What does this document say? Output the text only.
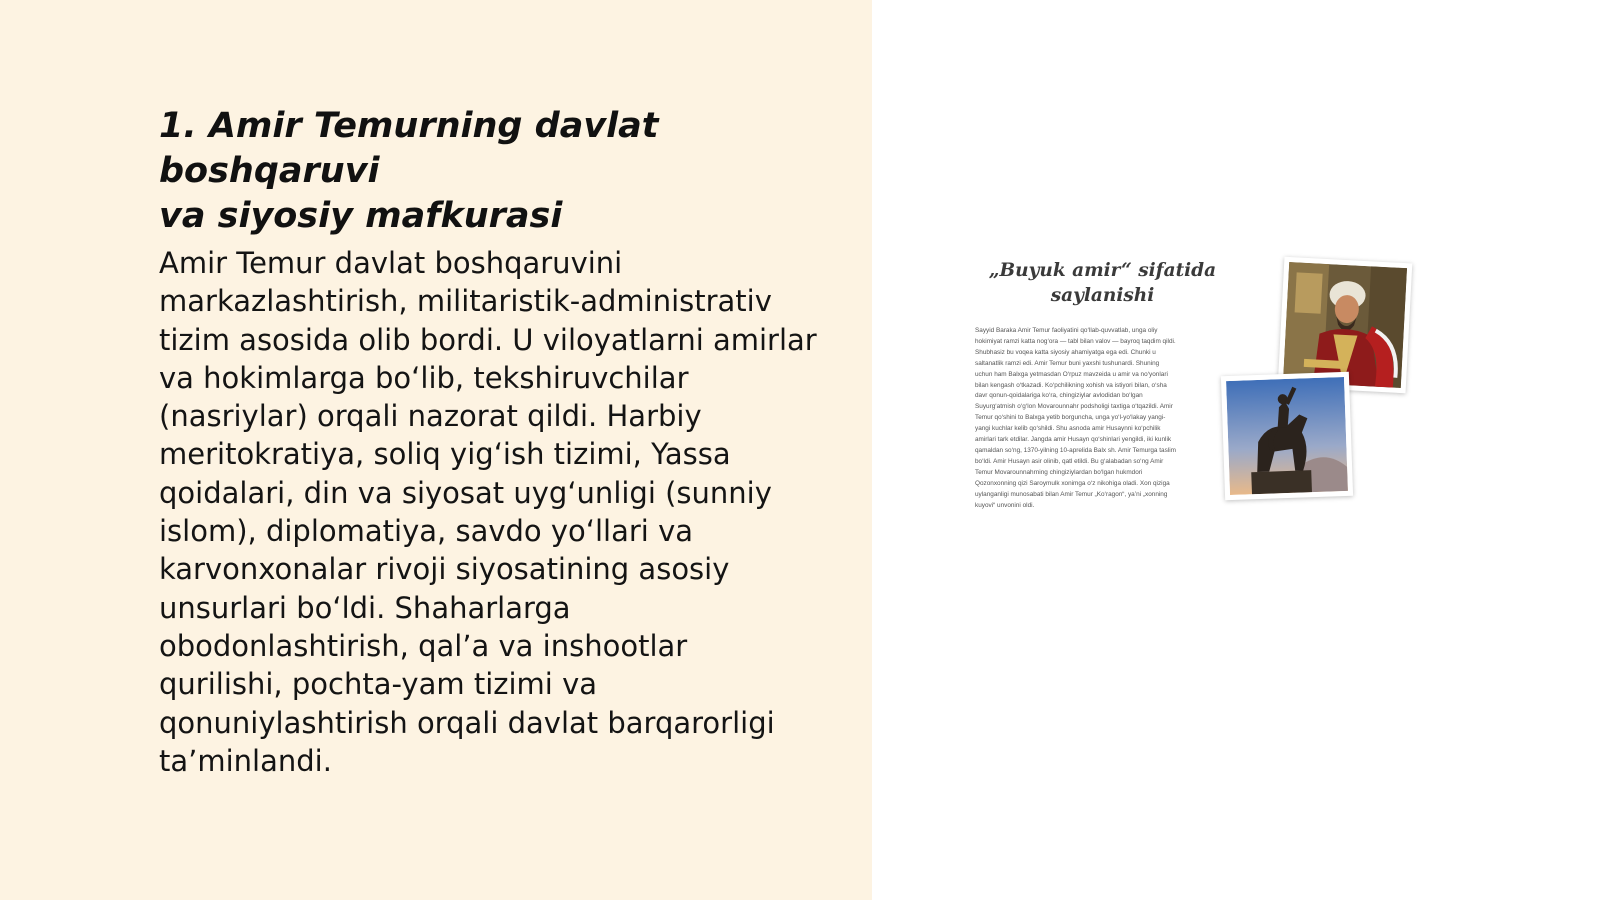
1. Amir Temurning davlat boshqaruvi
va siyosiy mafkurasi

Amir Temur davlat boshqaruvini
markazlashtirish, militaristik-administrativ
tizim asosida olib bordi. U viloyatlarni amirlar
va hokimlarga bo‘lib, tekshiruvchilar
(nasriylar) orqali nazorat qildi. Harbiy
meritokratiya, soliq yig‘ish tizimi, Yassa
qoidalari, din va siyosat uyg‘unligi (sunniy
islom), diplomatiya, savdo yo‘llari va
karvonxonalar rivoji siyosatining asosiy
unsurlari bo‘ldi. Shaharlarga
obodonlashtirish, qal’a va inshootlar
qurilishi, pochta-yam tizimi va
qonuniylashtirish orqali davlat barqarorligi
ta’minlandi.

„Buyuk amir“ sifatida
saylanishi

Sayyid Baraka Amir Temur faoliyatini qo‘llab-quvvatlab, unga oliy
hokimiyat ramzi katta nog‘ora — tabl bilan valov — bayroq taqdim qildi.
Shubhasiz bu voqea katta siyosiy ahamiyatga ega edi. Chunki u
saltanatlik ramzi edi. Amir Temur buni yaxshi tushunardi. Shuning
uchun ham Balxga yetmasdan O‘rpuz mavzeida u amir va no‘yonlari
bilan kengash o‘tkazadi. Ko‘pchilikning xohish va istiyori bilan, o‘sha
davr qonun-qoidalariga ko‘ra, chingiziylar avlodidan bo‘lgan
Suyurg‘atmish o‘g‘lon Movarounnahr podsholigi taxtiga o‘tqazildi. Amir
Temur qo‘shini to Balxga yetib borguncha, unga yo‘l-yo‘lakay yangi-
yangi kuchlar kelib qo‘shildi. Shu asnoda amir Husaynni ko‘pchilik
amirlari tark etdilar. Jangda amir Husayn qo‘shinlari yengildi, iki kunlik
qamaldan so‘ng, 1370-yilning 10-aprelida Balx sh. Amir Temurga taslim
bo‘ldi. Amir Husayn asir olinib, qatl etildi. Bu g‘alabadan so‘ng Amir
Temur Movarounnahrning chingiziylardan bo‘lgan hukmdori
Qozonxonning qizi Saroymulk xonimga o‘z nikohiga oladi. Xon qiziga
uylanganligi munosabati bilan Amir Temur „Ko‘ragon“, ya’ni „xonning
kuyovi“ unvonini oldi.
